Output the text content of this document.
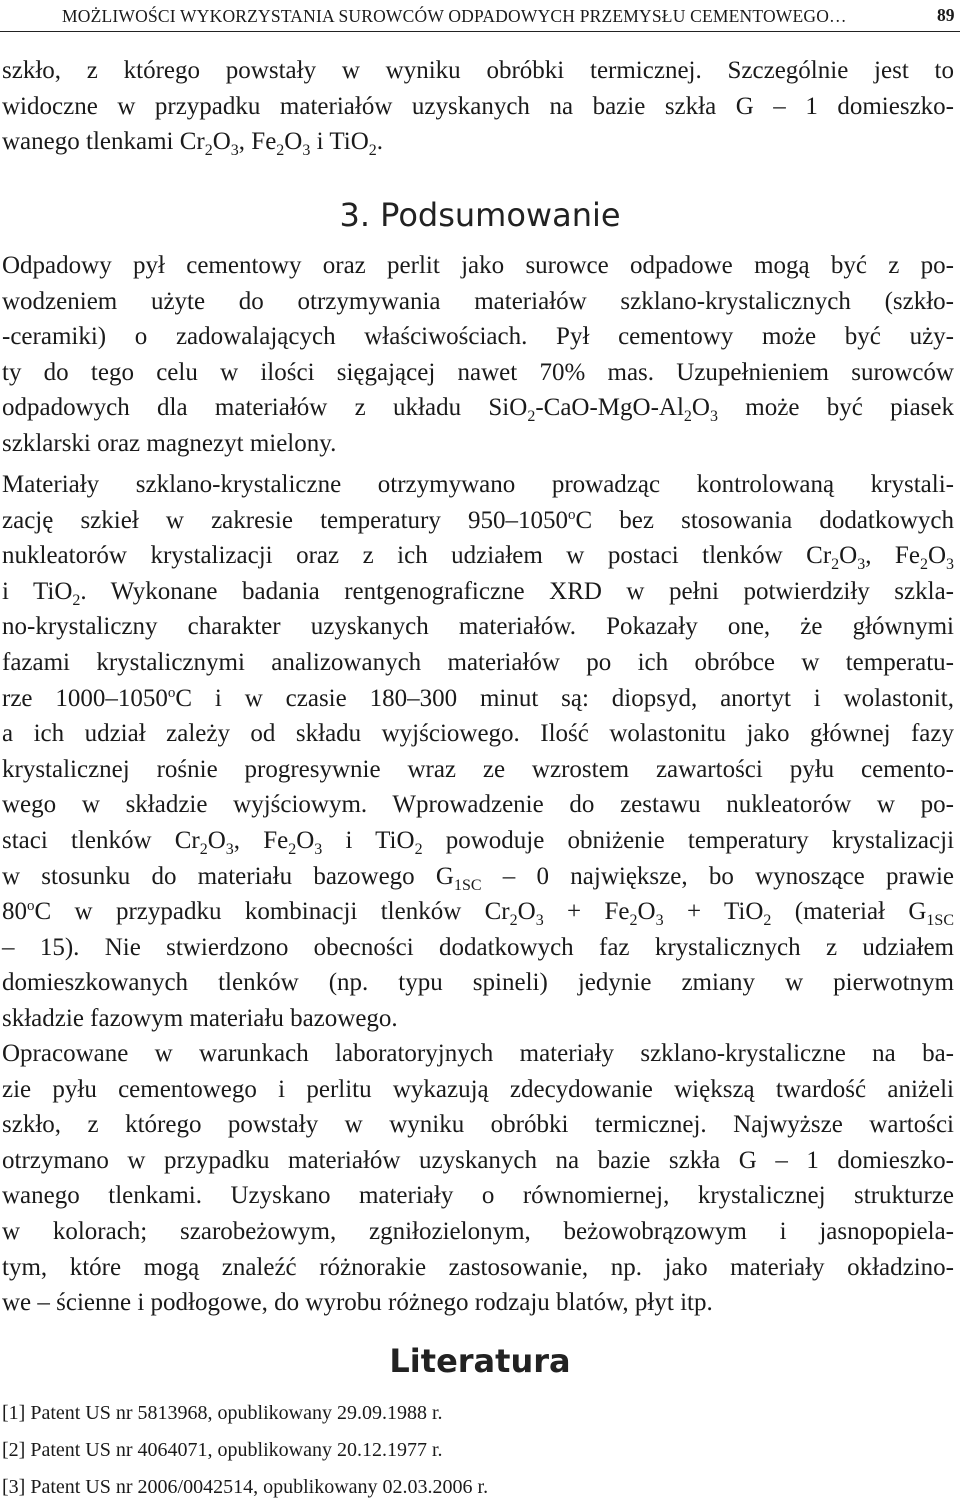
MOŻLIWOŚCI WYKORZYSTANIA SUROWCÓW ODPADOWYCH PRZEMYSŁU CEMENTOWEGO…	89
szkło, z którego powstały w wyniku obróbki termicznej. Szczególnie jest to
widoczne w przypadku materiałów uzyskanych na bazie szkła G – 1 domieszko-
wanego tlenkami $Cr_2O_3$, $Fe_2O_3$ i TiO$_2$.
3. Podsumowanie
Odpadowy pył cementowy oraz perlit jako surowce odpadowe mogą być z po-
wodzeniem użyte do otrzymywania materiałów szklano-krystalicznych (szkło-
-ceramiki) o zadowalających właściwościach. Pył cementowy może być uży-
ty do tego celu w ilości sięgającej nawet 70% mas. Uzupełnieniem surowców
odpadowych dla materiałów z układu $SiO_2-CaO-MgO-Al_2O_3$ może być piasek
szklarski oraz magnezyt mielony.
Materiały szklano-krystaliczne otrzymywano prowadząc kontrolowaną krystali-
zację szkieł w zakresie temperatury 950–1050$^o$C bez stosowania dodatkowych
nukleatorów krystalizacji oraz z ich udziałem w postaci tlenków $Cr_2O_3$, $Fe_2O_3$
i TiO$_2$. Wykonane badania rentgenograficzne XRD w pełni potwierdziły szkla-
no-krystaliczny charakter uzyskanych materiałów. Pokazały one, że głównymi
fazami krystalicznymi analizowanych materiałów po ich obróbce w temperatu-
rze 1000–1050$^o$C i w czasie 180–300 minut są: diopsyd, anortyt i wolastonit,
a ich udział zależy od składu wyjściowego. Ilość wolastonitu jako głównej fazy
krystalicznej rośnie progresywnie wraz ze wzrostem zawartości pyłu cemento-
wego w składzie wyjściowym. Wprowadzenie do zestawu nukleatorów w po-
staci tlenków $Cr_2O_3$, $Fe_2O_3$ i TiO$_2$ powoduje obniżenie temperatury krystalizacji
w stosunku do materiału bazowego $G_{1SC} - 0$ największe, bo wynoszące prawie
80$^o$C w przypadku kombinacji tlenków $Cr_2O_3 + Fe_2O_3 + TiO_2$ (materiał $G_{1SC}$
– 15). Nie stwierdzono obecności dodatkowych faz krystalicznych z udziałem
domieszkowanych tlenków (np. typu spineli) jedynie zmiany w pierwotnym
składzie fazowym materiału bazowego.
Opracowane w warunkach laboratoryjnych materiały szklano-krystaliczne na ba-
zie pyłu cementowego i perlitu wykazują zdecydowanie większą twardość aniżeli
szkło, z którego powstały w wyniku obróbki termicznej. Najwyższe wartości
otrzymano w przypadku materiałów uzyskanych na bazie szkła G – 1 domieszko-
wanego tlenkami. Uzyskano materiały o równomiernej, krystalicznej strukturze
w kolorach; szarobeżowym, zgniłozielonym, beżowobrązowym i jasnopopiela-
tym, które mogą znaleźć różnorakie zastosowanie, np. jako materiały okładzino-
we – ścienne i podłogowe, do wyrobu różnego rodzaju blatów, płyt itp.
Literatura

[1] Patent US nr 5813968, opublikowany 29.09.1988 r.

[2] Patent US nr 4064071, opublikowany 20.12.1977 r.

[3] Patent US nr 2006/0042514, opublikowany 02.03.2006 r.
